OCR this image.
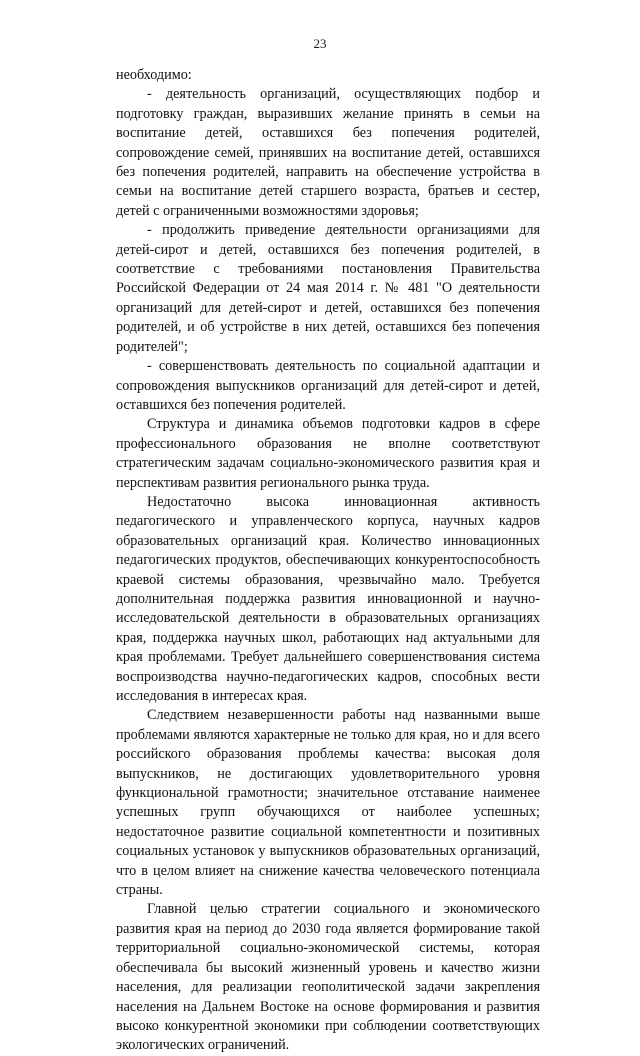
23

необходимо:

- деятельность организаций, осуществляющих подбор и подготовку граждан, выразивших желание принять в семьи на воспитание детей, оставшихся без попечения родителей, сопровождение семей, принявших на воспитание детей, оставшихся без попечения родителей, направить на обеспечение устройства в семьи на воспитание детей старшего возраста, братьев и сестер, детей с ограниченными возможностями здоровья;

- продолжить приведение деятельности организациями для детей-сирот и детей, оставшихся без попечения родителей, в соответствие с требованиями постановления Правительства Российской Федерации от 24 мая 2014 г. № 481 "О деятельности организаций для детей-сирот и детей, оставшихся без попечения родителей, и об устройстве в них детей, оставшихся без попечения родителей";

- совершенствовать деятельность по социальной адаптации и сопровождения выпускников организаций для детей-сирот и детей, оставшихся без попечения родителей.

Структура и динамика объемов подготовки кадров в сфере профессионального образования не вполне соответствуют стратегическим задачам социально-экономического развития края и перспективам развития регионального рынка труда.

Недостаточно высока инновационная активность педагогического и управленческого корпуса, научных кадров образовательных организаций края. Количество инновационных педагогических продуктов, обеспечивающих конкурентоспособность краевой системы образования, чрезвычайно мало. Требуется дополнительная поддержка развития инновационной и научно-исследовательской деятельности в образовательных организациях края, поддержка научных школ, работающих над актуальными для края проблемами. Требует дальнейшего совершенствования система воспроизводства научно-педагогических кадров, способных вести исследования в интересах края.

Следствием незавершенности работы над названными выше проблемами являются характерные не только для края, но и для всего российского образования проблемы качества: высокая доля выпускников, не достигающих удовлетворительного уровня функциональной грамотности; значительное отставание наименее успешных групп обучающихся от наиболее успешных; недостаточное развитие социальной компетентности и позитивных социальных установок у выпускников образовательных организаций, что в целом влияет на снижение качества человеческого потенциала страны.

Главной целью стратегии социального и экономического развития края на период до 2030 года является формирование такой территориальной социально-экономической системы, которая обеспечивала бы высокий жизненный уровень и качество жизни населения, для реализации геополитической задачи закрепления населения на Дальнем Востоке на основе формирования и развития высоко конкурентной экономики при соблюдении соответствующих экологических ограничений.
